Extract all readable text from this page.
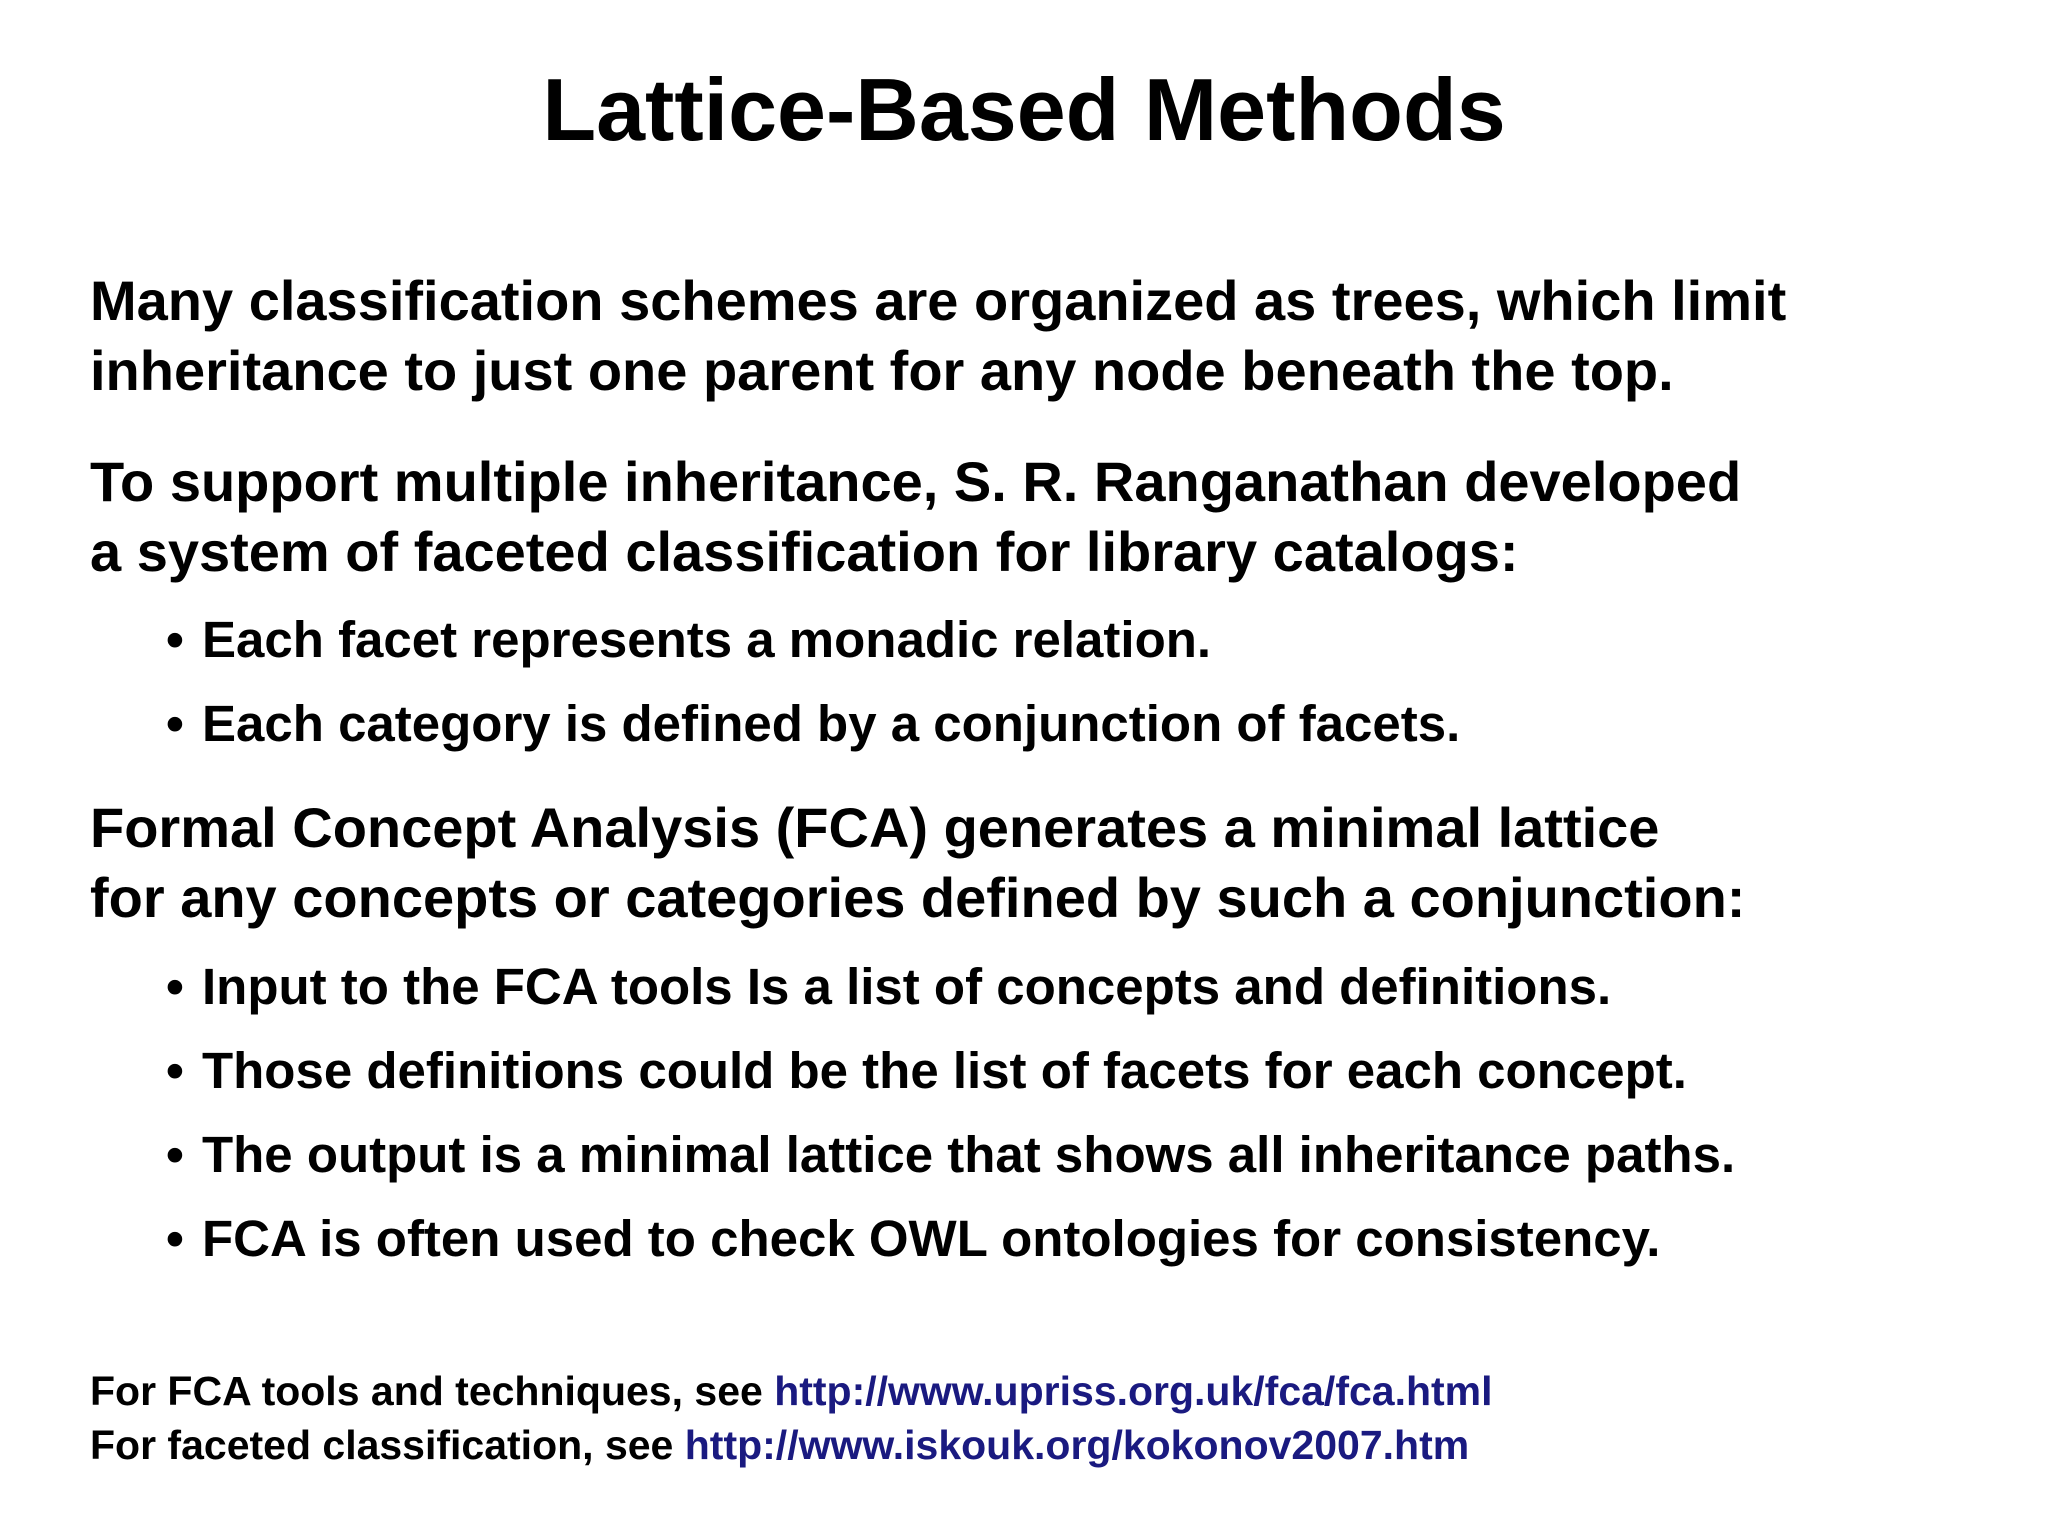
Lattice-Based Methods

Many classification schemes are organized as trees, which limit
inheritance to just one parent for any node beneath the top.

To support multiple inheritance, S. R. Ranganathan developed
a system of faceted classification for library catalogs:

• Each facet represents a monadic relation.

• Each category is defined by a conjunction of facets.

Formal Concept Analysis (FCA) generates a minimal lattice
for any concepts or categories defined by such a conjunction:

• Input to the FCA tools Is a list of concepts and definitions.

• Those definitions could be the list of facets for each concept.

• The output is a minimal lattice that shows all inheritance paths.

• FCA is often used to check OWL ontologies for consistency.

For FCA tools and techniques, see http://www.upriss.org.uk/fca/fca.html

For faceted classification, see http://www.iskouk.org/kokonov2007.htm
